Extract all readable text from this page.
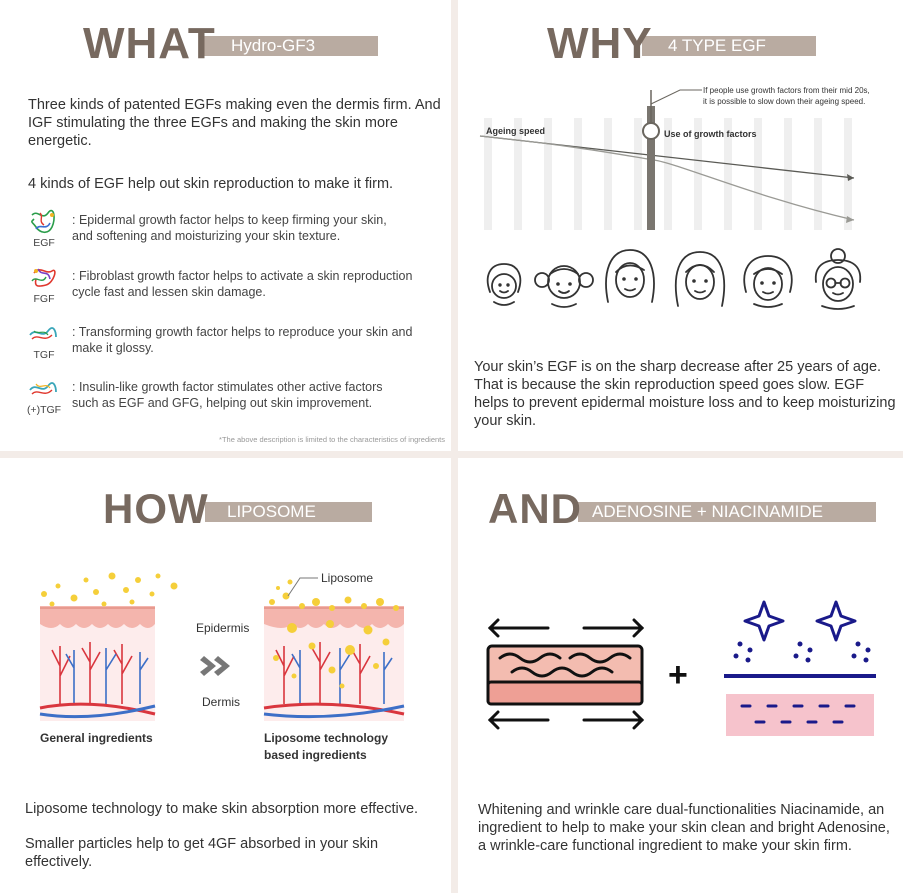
WHAT Hydro-GF3

Three kinds of patented EGFs making even the dermis firm. And IGF stimulating the three EGFs and making the skin more energetic.

4 kinds of EGF help out skin reproduction to make it firm.

EGF
: Epidermal growth factor helps to keep firming your skin,
and softening and moisturizing your skin texture.
FGF
: Fibroblast growth factor helps to activate a skin reproduction
cycle fast and lessen skin damage.
TGF
: Transforming growth factor helps to reproduce your skin and
make it glossy.
(+)TGF
: Insulin-like growth factor stimulates other active factors
such as EGF and GFG, helping out skin improvement.
*The above description is limited to the characteristics of ingredients
WHY 4 TYPE EGF
If people use growth factors from their mid 20s,
it is possible to slow down their ageing speed.
Ageing speed	Use of growth factors

Your skin’s EGF is on the sharp decrease after 25 years of age. That is because the skin reproduction speed goes slow. EGF helps to prevent epidermal moisture loss and to keep moisturizing your skin.

HOW	LIPOSOME
Epidermis
Dermis
Liposome
General ingredients	Liposome technology
based ingredients

Liposome technology to make skin absorption more effective.

Smaller particles help to get 4GF absorbed in your skin effectively.

AND ADENOSINE + NIACINAMIDE
+

Whitening and wrinkle care dual-functionalities Niacinamide, an ingredient to help to make your skin clean and bright Adenosine, a wrinkle-care functional ingredient to make your skin firm.
